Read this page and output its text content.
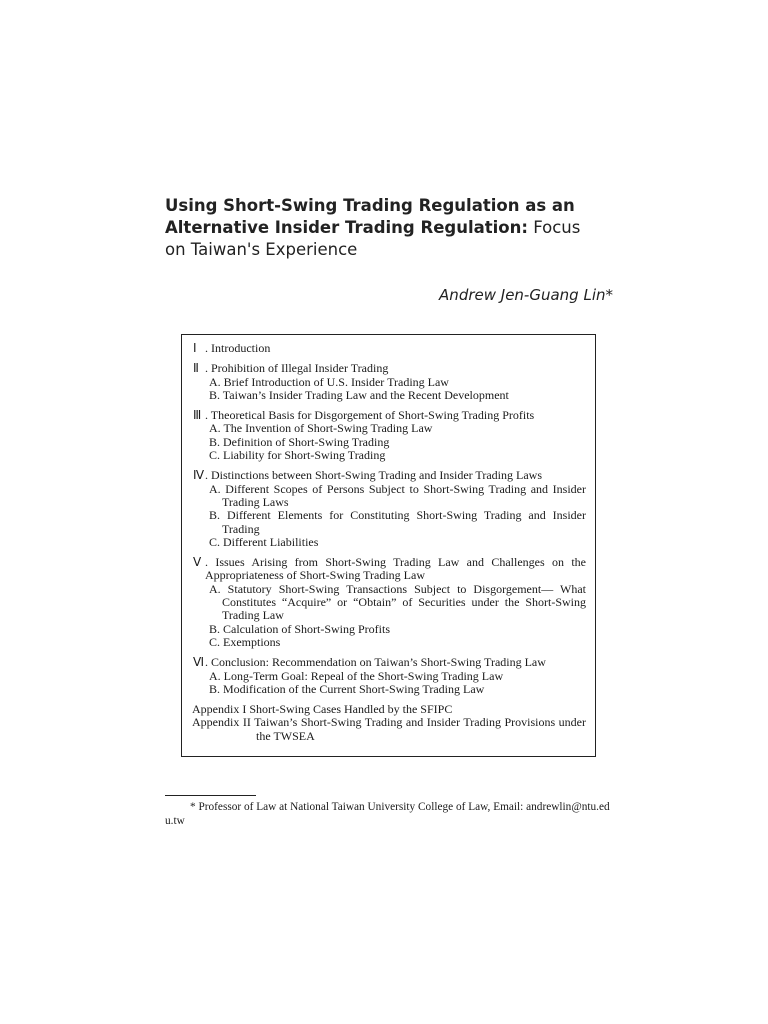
Using Short-Swing Trading Regulation as an Alternative Insider Trading Regulation: Focus on Taiwan's Experience
Andrew Jen-Guang Lin*
Ⅰ . Introduction
Ⅱ . Prohibition of Illegal Insider Trading
A. Brief Introduction of U.S. Insider Trading Law
B. Taiwan’s Insider Trading Law and the Recent Development
Ⅲ . Theoretical Basis for Disgorgement of Short-Swing Trading Profits
A. The Invention of Short-Swing Trading Law
B. Definition of Short-Swing Trading
C. Liability for Short-Swing Trading
Ⅳ . Distinctions between Short-Swing Trading and Insider Trading Laws
A. Different Scopes of Persons Subject to Short-Swing Trading and Insider Trading Laws
B. Different Elements for Constituting Short-Swing Trading and Insider Trading
C. Different Liabilities
Ⅴ . Issues Arising from Short-Swing Trading Law and Challenges on the Appropriateness of Short-Swing Trading Law
A. Statutory Short-Swing Transactions Subject to Disgorgement— What Constitutes “Acquire” or “Obtain” of Securities under the Short-Swing Trading Law
B. Calculation of Short-Swing Profits
C. Exemptions
Ⅵ . Conclusion: Recommendation on Taiwan’s Short-Swing Trading Law
A. Long-Term Goal: Repeal of the Short-Swing Trading Law
B. Modification of the Current Short-Swing Trading Law
Appendix I Short-Swing Cases Handled by the SFIPC
Appendix II Taiwan’s Short-Swing Trading and Insider Trading Provisions under the TWSEA
* Professor of Law at National Taiwan University College of Law, Email: andrewlin@ntu.edu.tw
